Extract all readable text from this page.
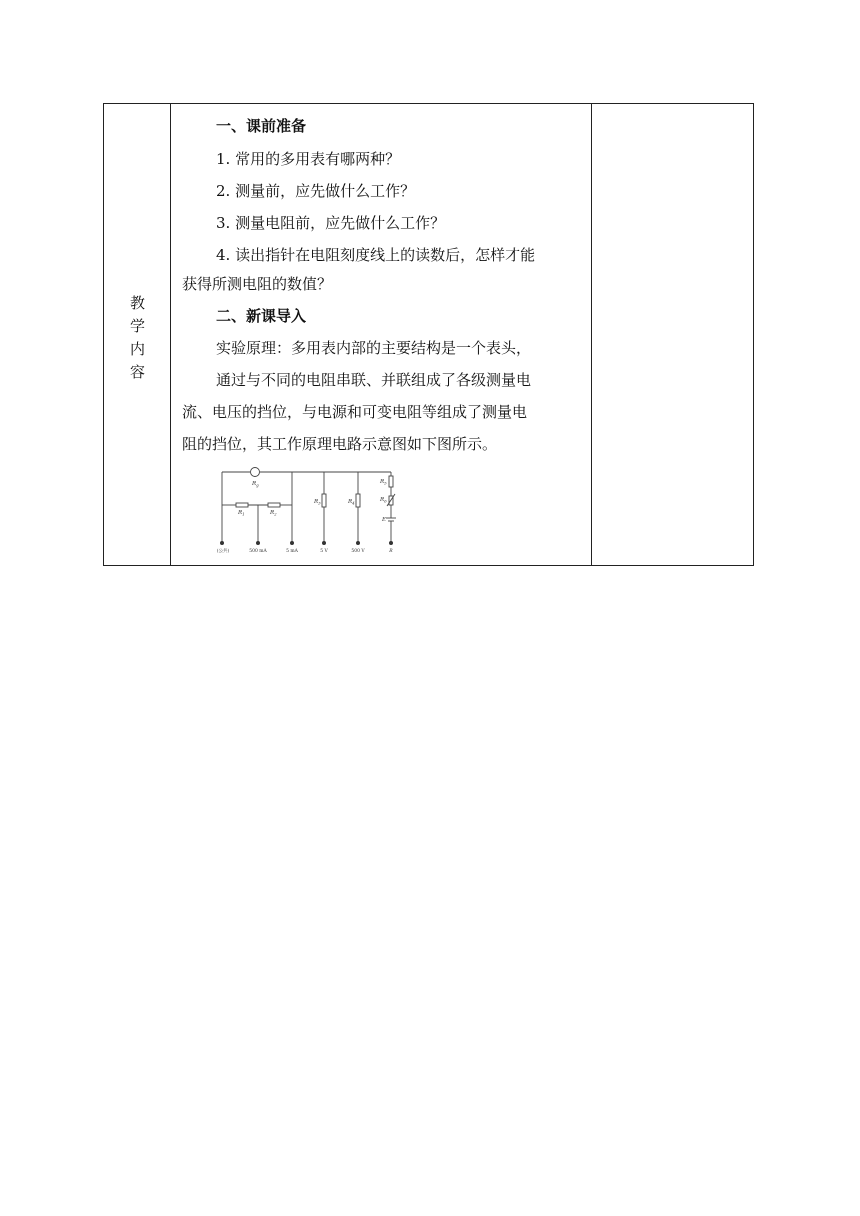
教
学
内
容
一、课前准备
1. 常用的多用表有哪两种？
2. 测量前，应先做什么工作？
3. 测量电阻前，应先做什么工作？
4. 读出指针在电阻刻度线上的读数后，怎样才能
获得所测电阻的数值？
二、新课导入
实验原理：多用表内部的主要结构是一个表头，
通过与不同的电阻串联、并联组成了各级测量电
流、电压的挡位，与电源和可变电阻等组成了测量电
阻的挡位，其工作原理电路示意图如下图所示。
$R_g$
$R_1$	$R_2$
$R_3$	$R_4$
$R_5$
$R_6$
E
(公共)	500 mA	5 mA	5 V	500 V	R
